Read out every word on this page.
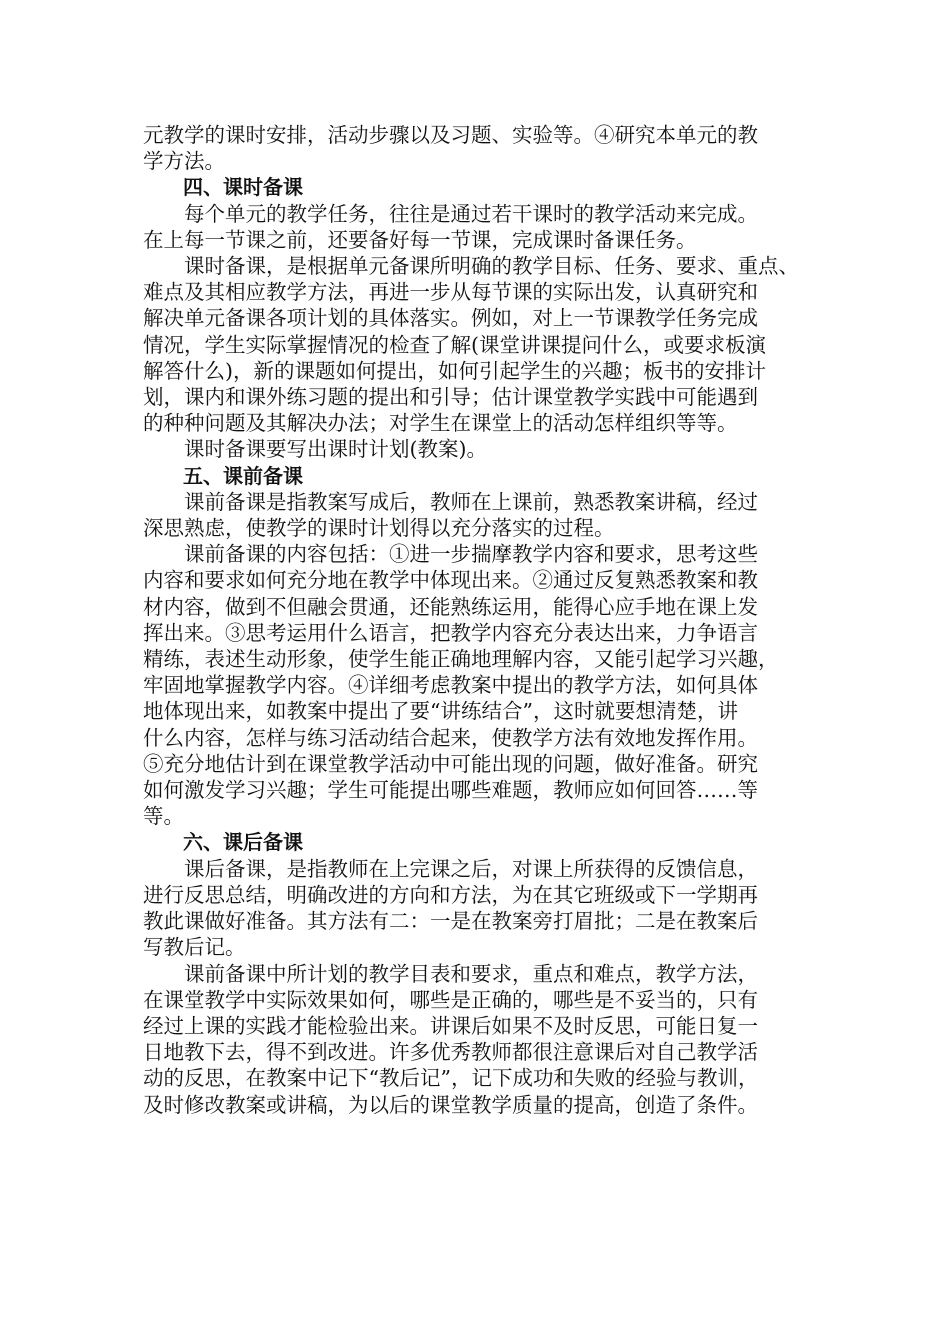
元教学的课时安排，活动步骤以及习题、实验等。④研究本单元的教
学方法。

四、课时备课

每个单元的教学任务，往往是通过若干课时的教学活动来完成。
在上每一节课之前，还要备好每一节课，完成课时备课任务。

课时备课，是根据单元备课所明确的教学目标、任务、要求、重点、
难点及其相应教学方法，再进一步从每节课的实际出发，认真研究和
解决单元备课各项计划的具体落实。例如，对上一节课教学任务完成
情况，学生实际掌握情况的检查了解(课堂讲课提问什么，或要求板演
解答什么)，新的课题如何提出，如何引起学生的兴趣；板书的安排计
划，课内和课外练习题的提出和引导；估计课堂教学实践中可能遇到
的种种问题及其解决办法；对学生在课堂上的活动怎样组织等等。

课时备课要写出课时计划(教案)。

五、课前备课

课前备课是指教案写成后，教师在上课前，熟悉教案讲稿，经过
深思熟虑，使教学的课时计划得以充分落实的过程。

课前备课的内容包括：①进一步揣摩教学内容和要求，思考这些
内容和要求如何充分地在教学中体现出来。②通过反复熟悉教案和教
材内容，做到不但融会贯通，还能熟练运用，能得心应手地在课上发
挥出来。③思考运用什么语言，把教学内容充分表达出来，力争语言
精练，表述生动形象，使学生能正确地理解内容，又能引起学习兴趣，
牢固地掌握教学内容。④详细考虑教案中提出的教学方法，如何具体
地体现出来，如教案中提出了要“讲练结合”，这时就要想清楚，讲
什么内容，怎样与练习活动结合起来，使教学方法有效地发挥作用。
⑤充分地估计到在课堂教学活动中可能出现的问题，做好准备。研究
如何激发学习兴趣；学生可能提出哪些难题，教师应如何回答……等
等。

六、课后备课

课后备课，是指教师在上完课之后，对课上所获得的反馈信息，
进行反思总结，明确改进的方向和方法，为在其它班级或下一学期再
教此课做好准备。其方法有二：一是在教案旁打眉批；二是在教案后
写教后记。

课前备课中所计划的教学目表和要求，重点和难点，教学方法，
在课堂教学中实际效果如何，哪些是正确的，哪些是不妥当的，只有
经过上课的实践才能检验出来。讲课后如果不及时反思，可能日复一
日地教下去，得不到改进。许多优秀教师都很注意课后对自己教学活
动的反思，在教案中记下“教后记”，记下成功和失败的经验与教训，
及时修改教案或讲稿，为以后的课堂教学质量的提高，创造了条件。
